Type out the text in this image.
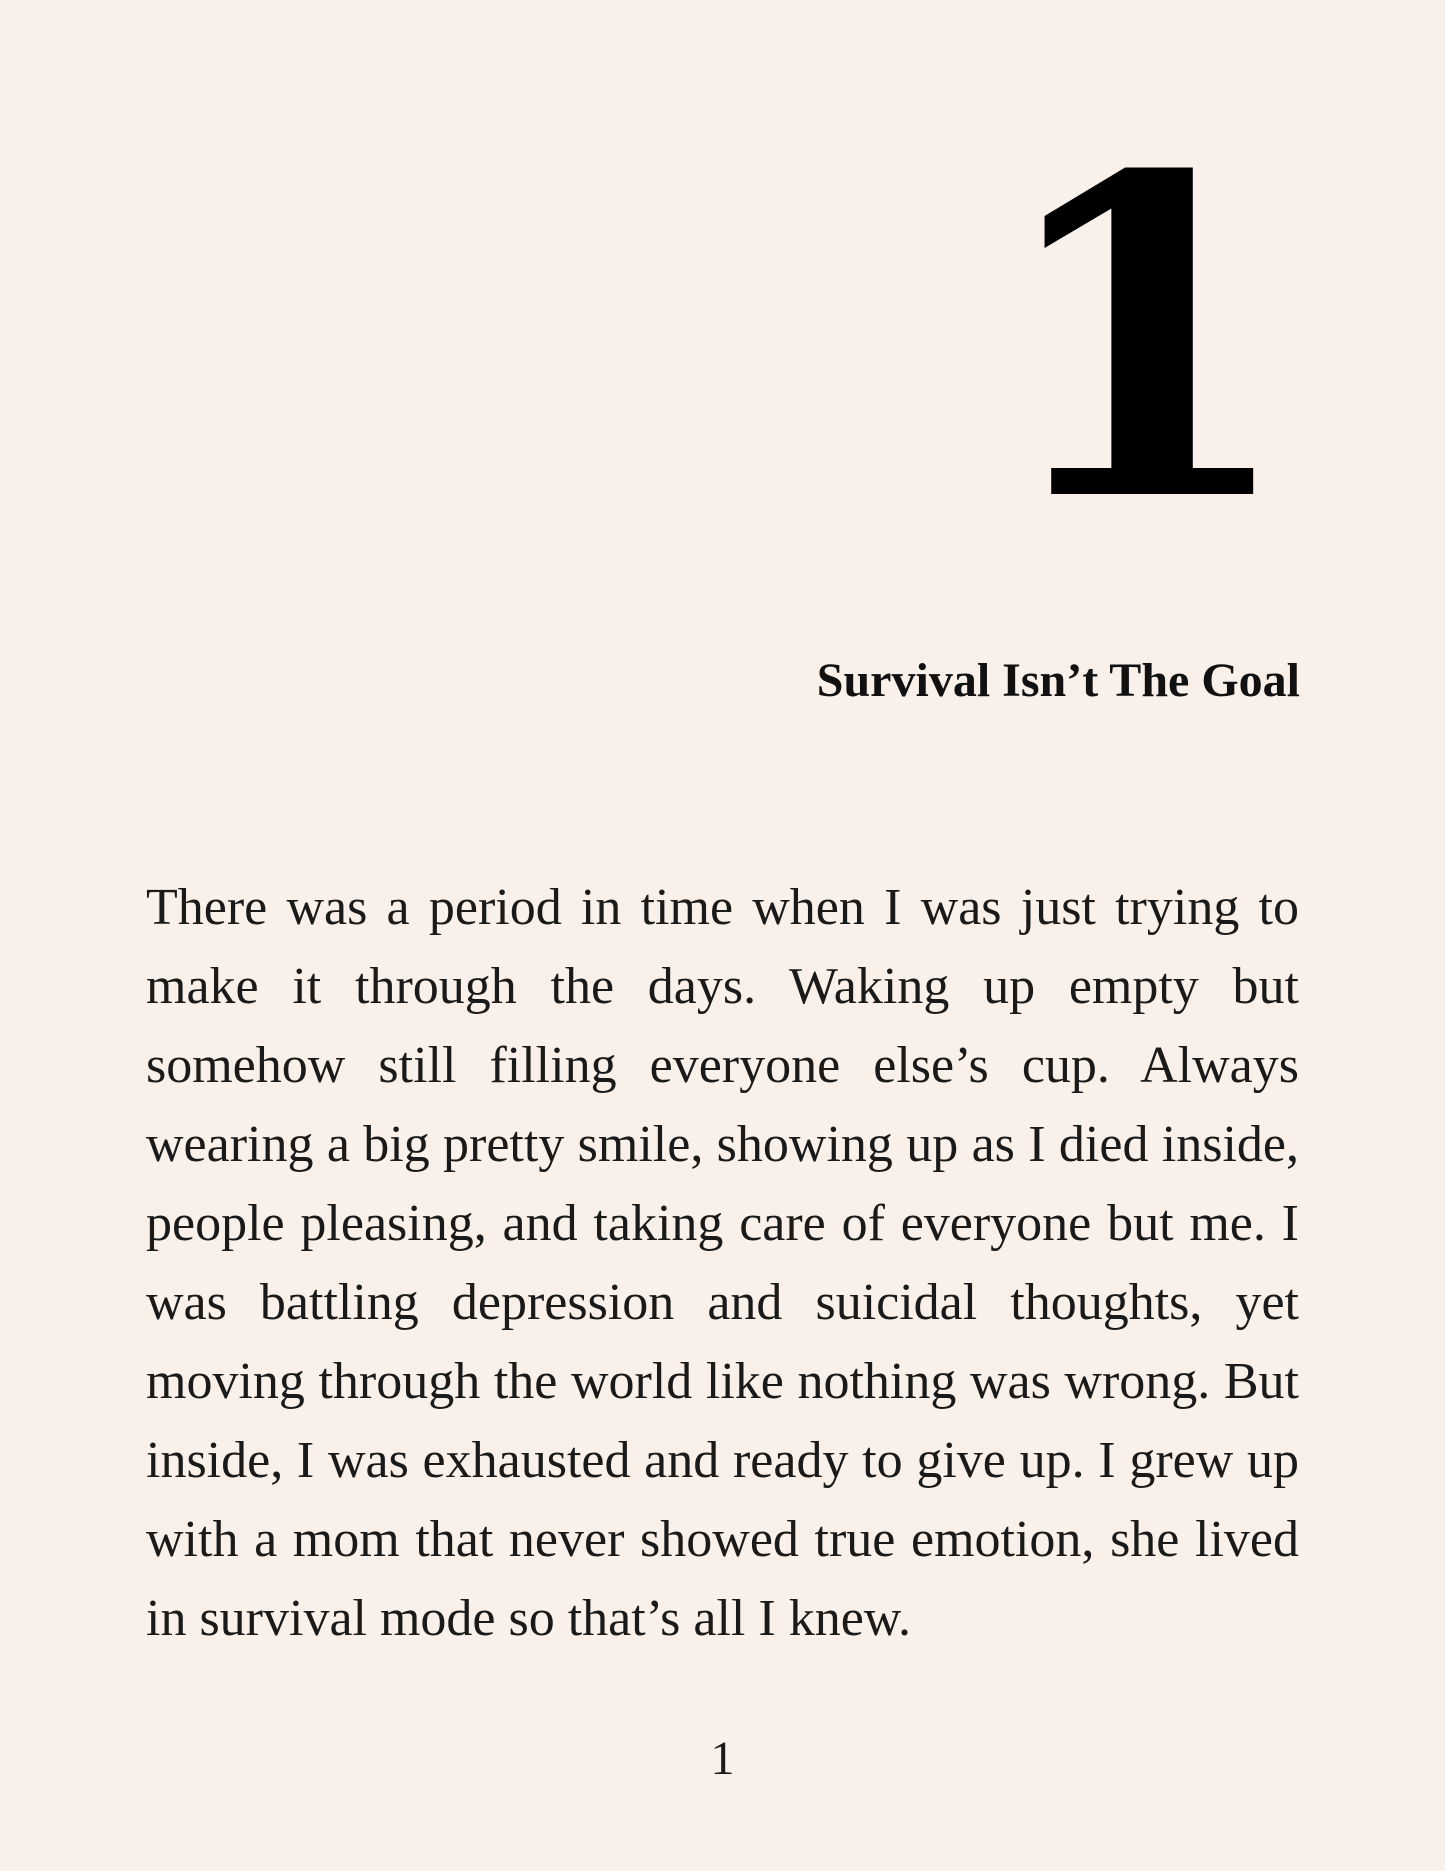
1
Survival Isn’t The Goal

There was a period in time when I was just trying to make it through the days. Waking up empty but somehow still filling everyone else’s cup. Always wearing a big pretty smile, showing up as I died inside, people pleasing, and taking care of everyone but me. I was battling depression and suicidal thoughts, yet moving through the world like nothing was wrong. But inside, I was exhausted and ready to give up. I grew up with a mom that never showed true emotion, she lived in survival mode so that’s all I knew.

1
